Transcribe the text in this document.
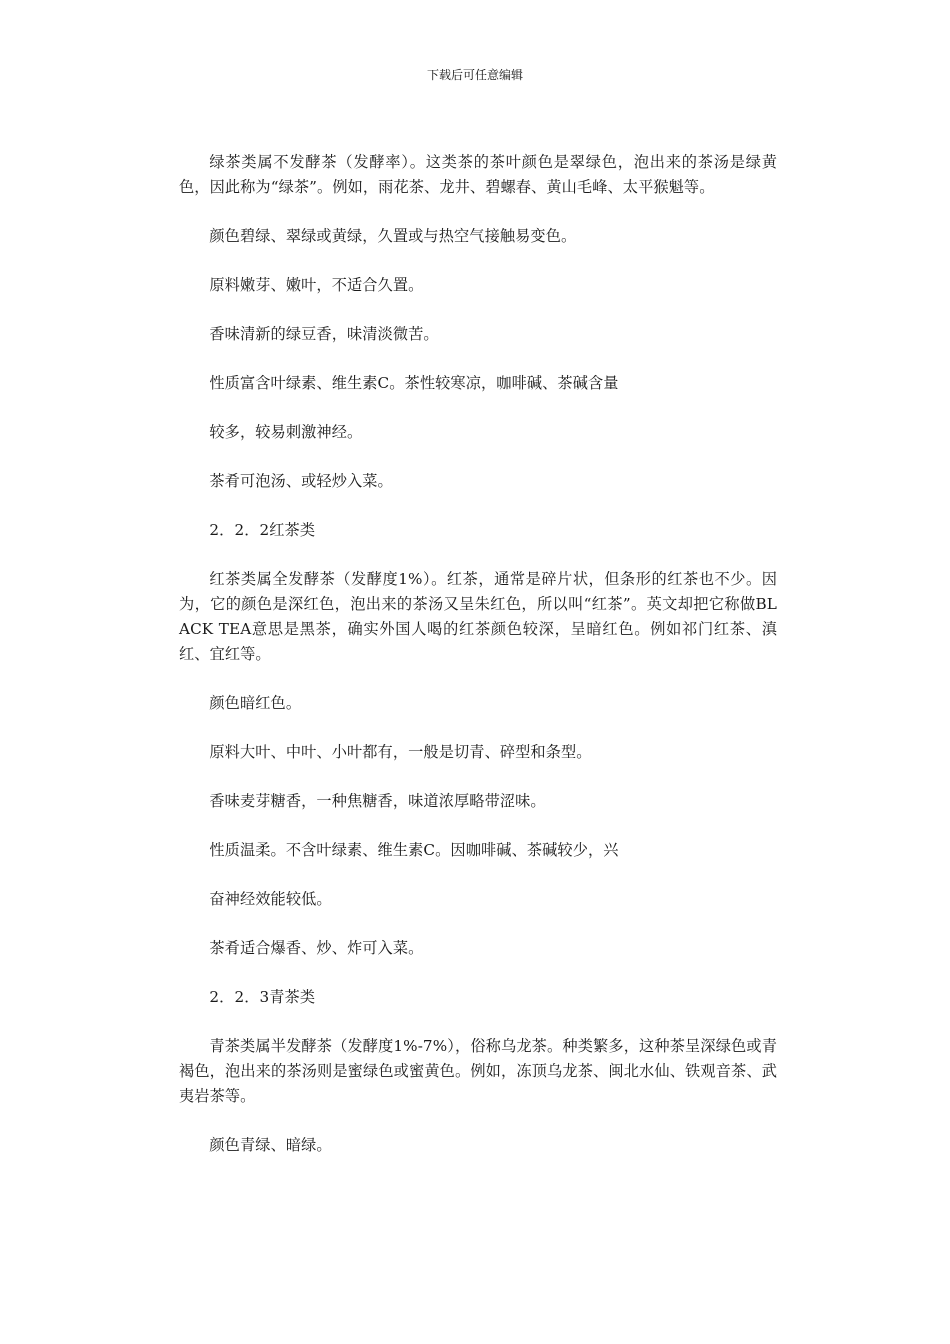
下载后可任意编辑

绿茶类属不发酵茶（发酵率）。这类茶的茶叶颜色是翠绿色，泡出来的茶汤是绿黄色，因此称为“绿茶”。例如，雨花茶、龙井、碧螺春、黄山毛峰、太平猴魁等。

颜色碧绿、翠绿或黄绿，久置或与热空气接触易变色。

原料嫩芽、嫩叶，不适合久置。

香味清新的绿豆香，味清淡微苦。

性质富含叶绿素、维生素C。茶性较寒凉，咖啡碱、茶碱含量

较多，较易刺激神经。

茶肴可泡汤、或轻炒入菜。

2．2．2红茶类

红茶类属全发酵茶（发酵度1%）。红茶，通常是碎片状，但条形的红茶也不少。因为，它的颜色是深红色，泡出来的茶汤又呈朱红色，所以叫“红茶”。英文却把它称做BLACK TEA意思是黑茶，确实外国人喝的红茶颜色较深，呈暗红色。例如祁门红茶、滇红、宜红等。

颜色暗红色。

原料大叶、中叶、小叶都有，一般是切青、碎型和条型。

香味麦芽糖香，一种焦糖香，味道浓厚略带涩味。

性质温柔。不含叶绿素、维生素C。因咖啡碱、茶碱较少，兴

奋神经效能较低。

茶肴适合爆香、炒、炸可入菜。

2．2．3青茶类

青茶类属半发酵茶（发酵度1%-7%），俗称乌龙茶。种类繁多，这种茶呈深绿色或青褐色，泡出来的茶汤则是蜜绿色或蜜黄色。例如，冻顶乌龙茶、闽北水仙、铁观音茶、武夷岩茶等。

颜色青绿、暗绿。
